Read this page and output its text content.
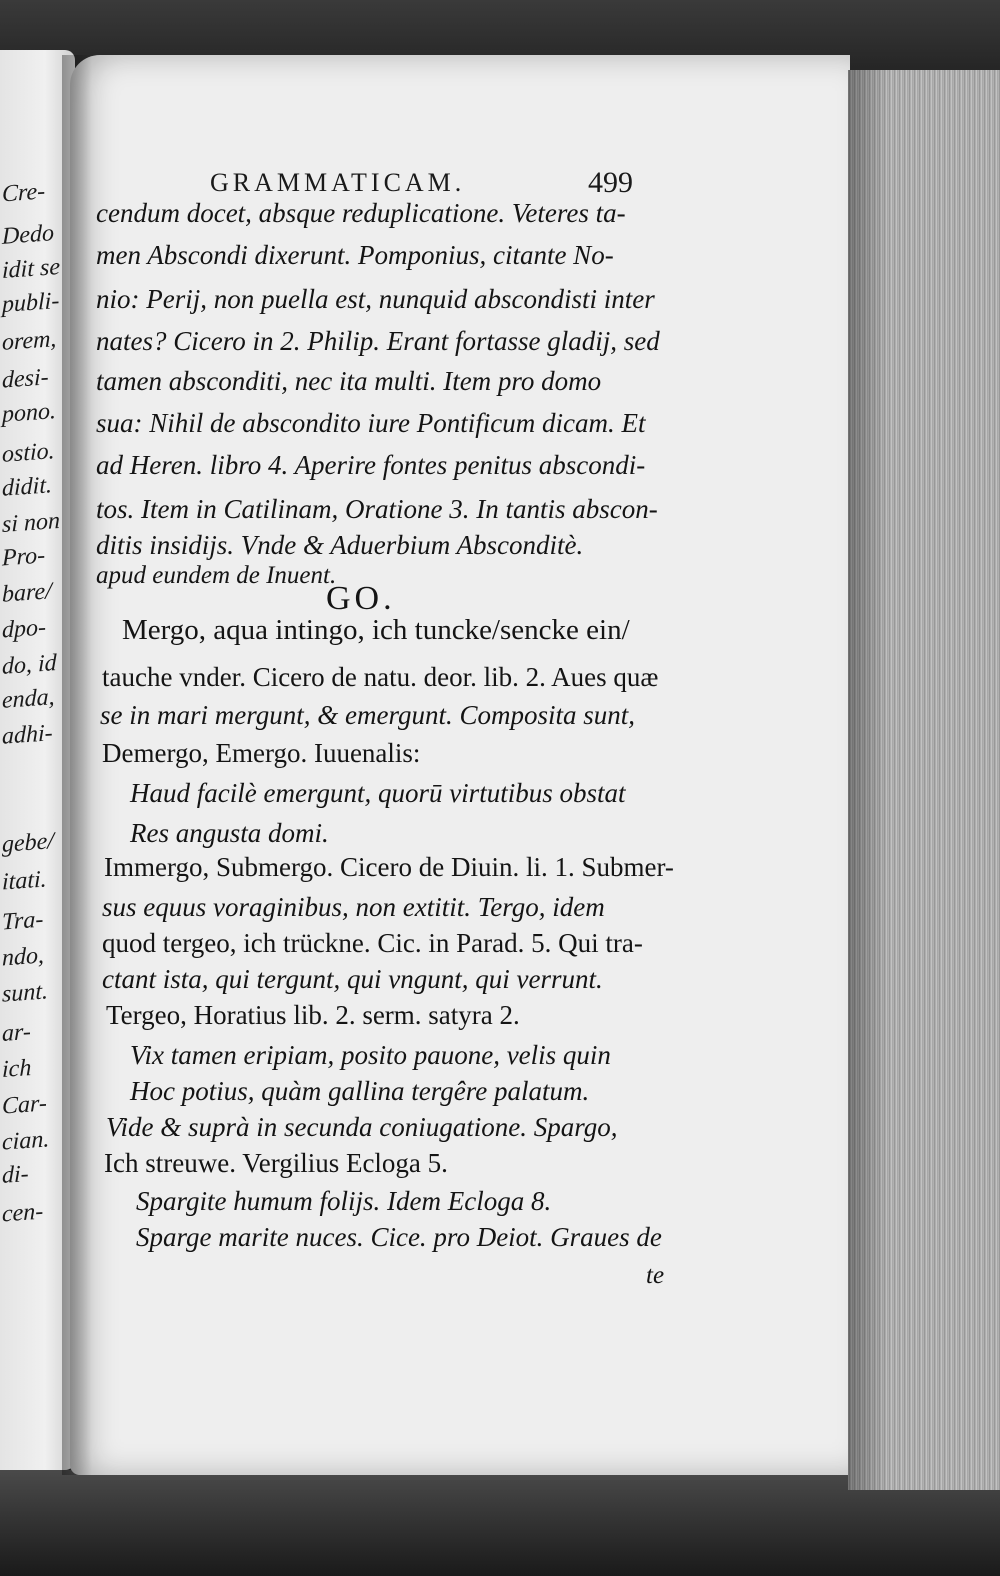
Cre-
Dedo
idit se
publi-
orem,
desi-
pono.
ostio.
didit.
si non
Pro-
bare/
dpo-
do, id
enda,
adhi-
gebe/
itati.
Tra-
ndo,
sunt.
ar-
ich
Car-
cian.
di-
cen-
GRAMMATICAM.	499
GO.
cendum docet, absque reduplicatione. Veteres ta-
men Abscondi dixerunt. Pomponius, citante No-
nio: Perij, non puella est, nunquid abscondisti inter
nates? Cicero in 2. Philip. Erant fortasse gladij, sed
tamen absconditi, nec ita multi. Item pro domo
sua: Nihil de abscondito iure Pontificum dicam. Et
ad Heren. libro 4. Aperire fontes penitus abscondi-
tos. Item in Catilinam, Oratione 3. In tantis abscon-
ditis insidijs. Vnde & Aduerbium Absconditè.
apud eundem de Inuent.
Mergo, aqua intingo, ich tuncke/sencke ein/
tauche vnder. Cicero de natu. deor. lib. 2. Aues quæ
se in mari mergunt, & emergunt. Composita sunt,
Demergo, Emergo. Iuuenalis:
Haud facilè emergunt, quorū virtutibus obstat
Res angusta domi.
Immergo, Submergo. Cicero de Diuin. li. 1. Submer-
sus equus voraginibus, non extitit. Tergo, idem
quod tergeo, ich trückne. Cic. in Parad. 5. Qui tra-
ctant ista, qui tergunt, qui vngunt, qui verrunt.
Tergeo, Horatius lib. 2. serm. satyra 2.
Vix tamen eripiam, posito pauone, velis quin
Hoc potius, quàm gallina tergêre palatum.
Vide & suprà in secunda coniugatione. Spargo,
Ich streuwe. Vergilius Ecloga 5.
Spargite humum folijs. Idem Ecloga 8.
Sparge marite nuces. Cice. pro Deiot. Graues de
te
